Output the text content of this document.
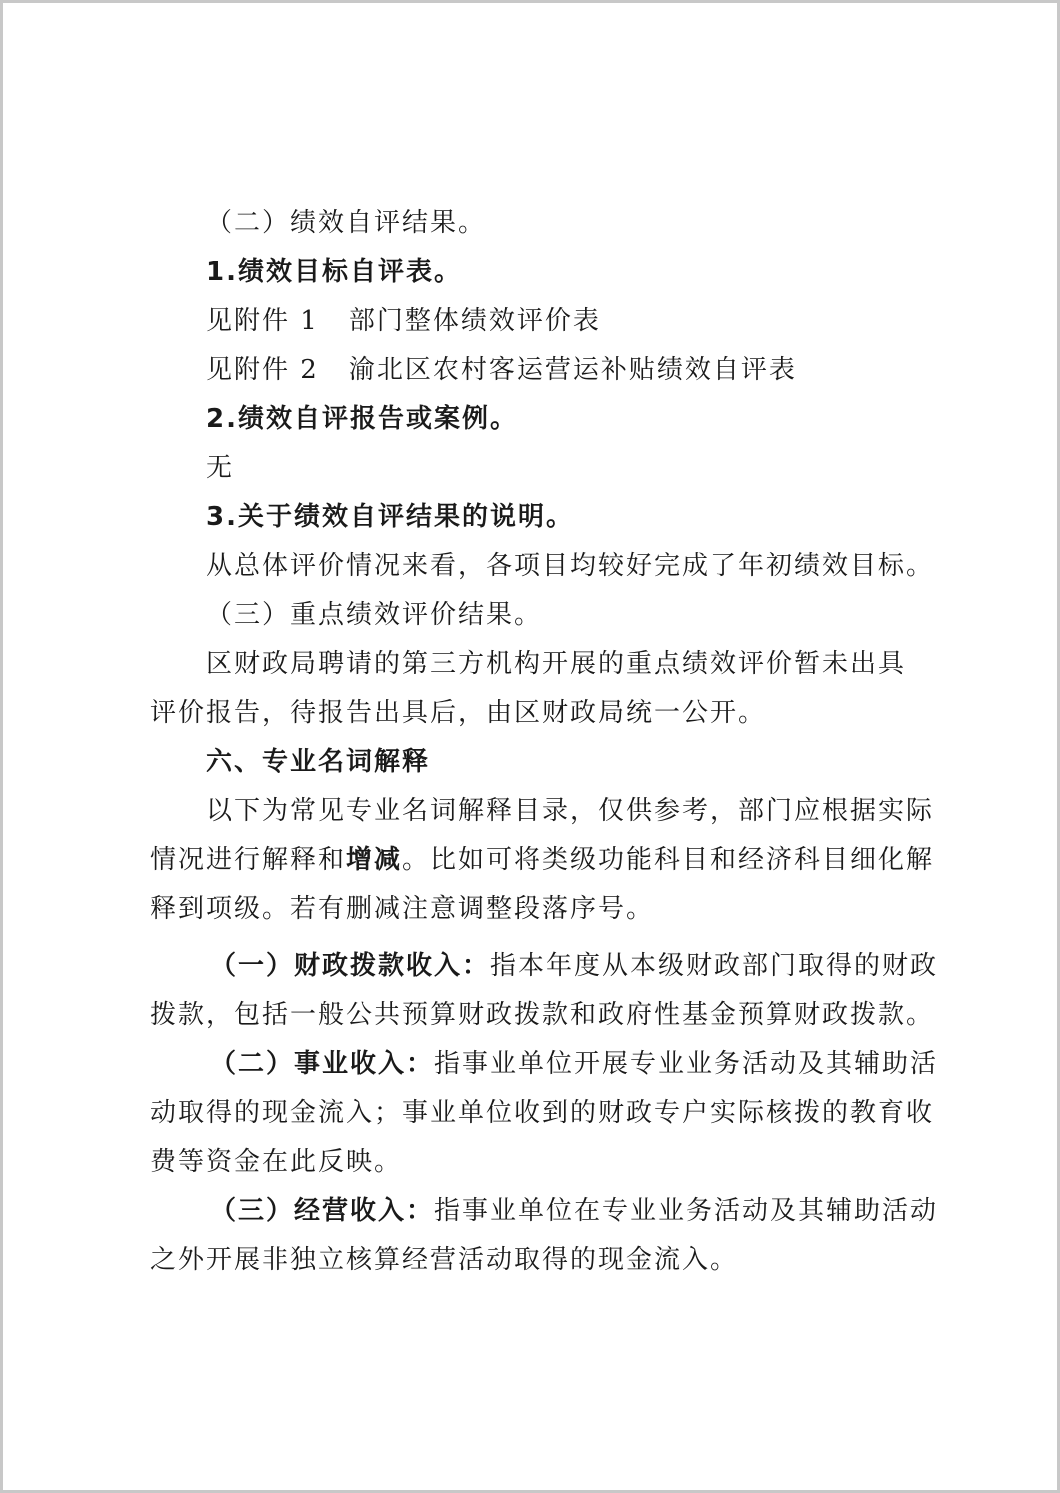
（二）绩效自评结果。
1.绩效目标自评表。
见附件 1 部门整体绩效评价表
见附件 2 渝北区农村客运营运补贴绩效自评表
2.绩效自评报告或案例。
无
3.关于绩效自评结果的说明。
从总体评价情况来看，各项目均较好完成了年初绩效目标。
（三）重点绩效评价结果。
区财政局聘请的第三方机构开展的重点绩效评价暂未出具
评价报告，待报告出具后，由区财政局统一公开。
六、专业名词解释
以下为常见专业名词解释目录，仅供参考，部门应根据实际
情况进行解释和增减。比如可将类级功能科目和经济科目细化解
释到项级。若有删减注意调整段落序号。
（一）财政拨款收入：指本年度从本级财政部门取得的财政
拨款，包括一般公共预算财政拨款和政府性基金预算财政拨款。
（二）事业收入：指事业单位开展专业业务活动及其辅助活
动取得的现金流入；事业单位收到的财政专户实际核拨的教育收
费等资金在此反映。
（三）经营收入：指事业单位在专业业务活动及其辅助活动
之外开展非独立核算经营活动取得的现金流入。
